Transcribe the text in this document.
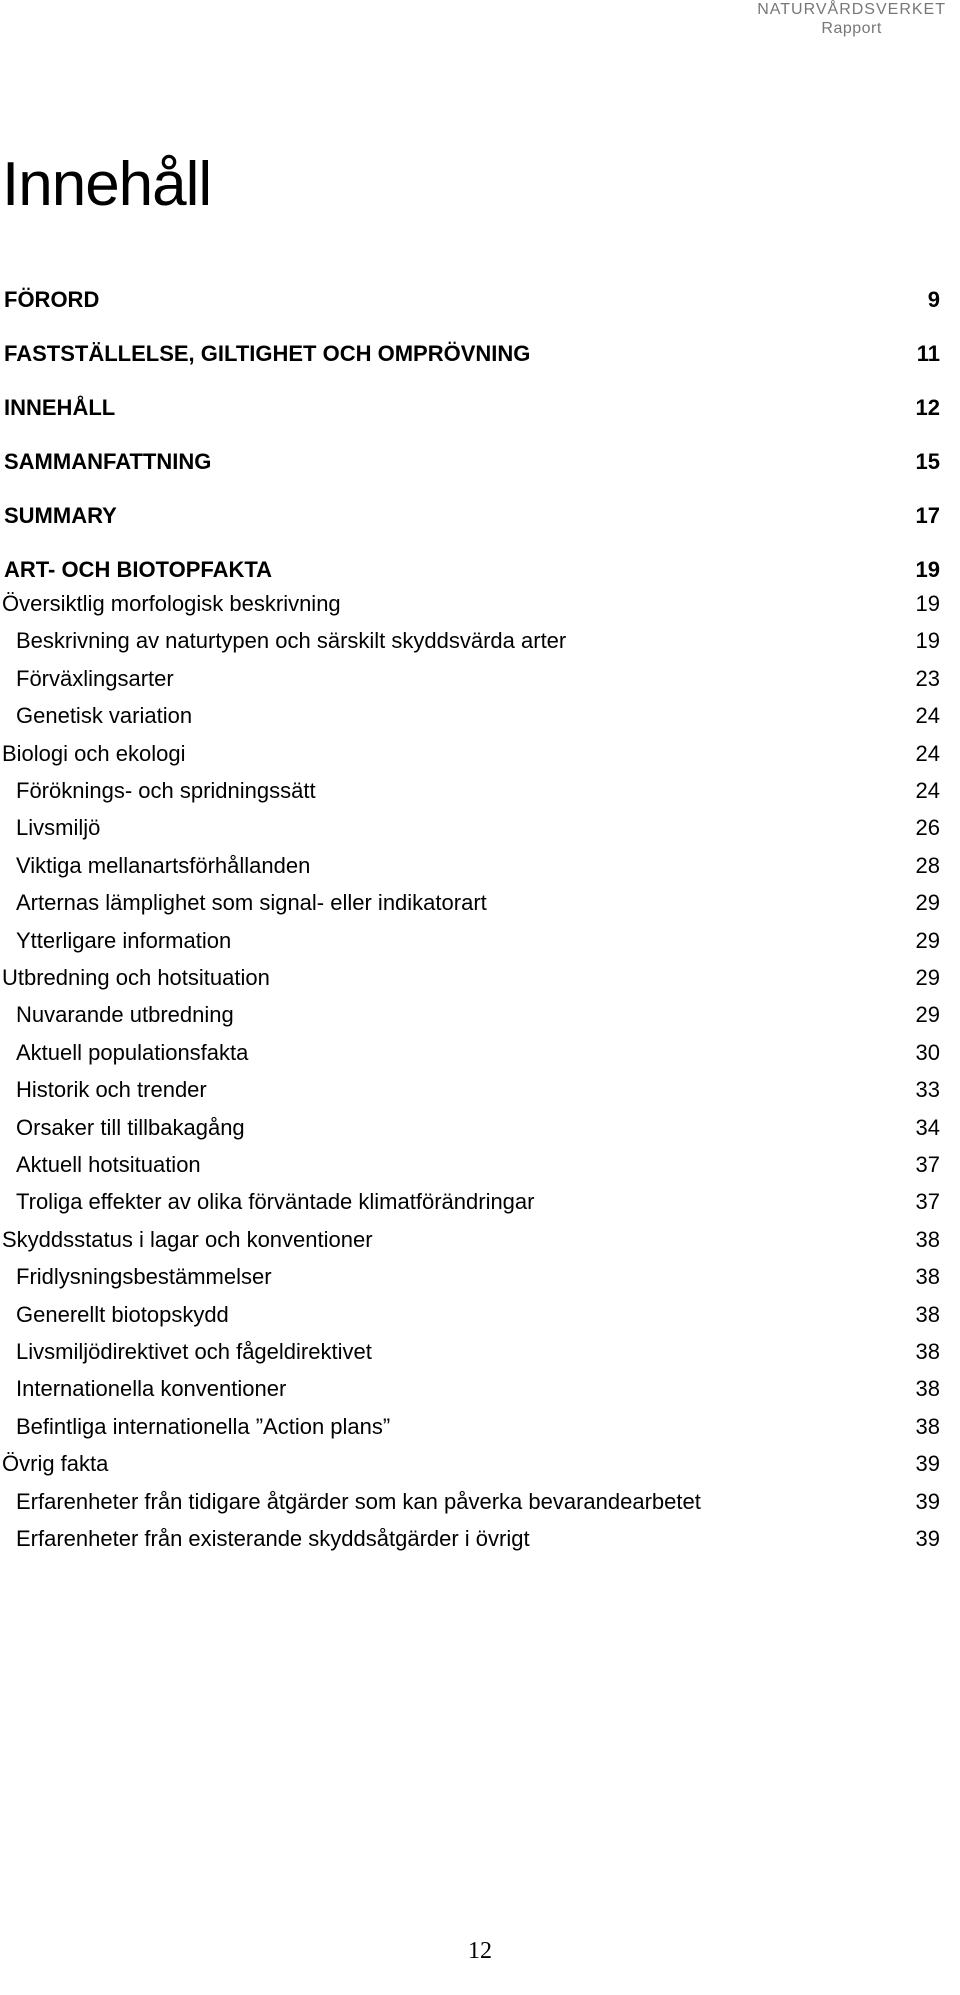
NATURVÅRDSVERKET
Rapport
Innehåll
FÖRORD	9
FASTSTÄLLELSE, GILTIGHET OCH OMPRÖVNING	11
INNEHÅLL	12
SAMMANFATTNING	15
SUMMARY	17
ART- OCH BIOTOPFAKTA	19
Översiktlig morfologisk beskrivning	19
Beskrivning av naturtypen och särskilt skyddsvärda arter	19
Förväxlingsarter	23
Genetisk variation	24
Biologi och ekologi	24
Föröknings- och spridningssätt	24
Livsmiljö	26
Viktiga mellanartsförhållanden	28
Arternas lämplighet som signal- eller indikatorart	29
Ytterligare information	29
Utbredning och hotsituation	29
Nuvarande utbredning	29
Aktuell populationsfakta	30
Historik och trender	33
Orsaker till tillbakagång	34
Aktuell hotsituation	37
Troliga effekter av olika förväntade klimatförändringar	37
Skyddsstatus i lagar och konventioner	38
Fridlysningsbestämmelser	38
Generellt biotopskydd	38
Livsmiljödirektivet och fågeldirektivet	38
Internationella konventioner	38
Befintliga internationella ”Action plans”	38
Övrig fakta	39
Erfarenheter från tidigare åtgärder som kan påverka bevarandearbetet	39
Erfarenheter från existerande skyddsåtgärder i övrigt	39
12
